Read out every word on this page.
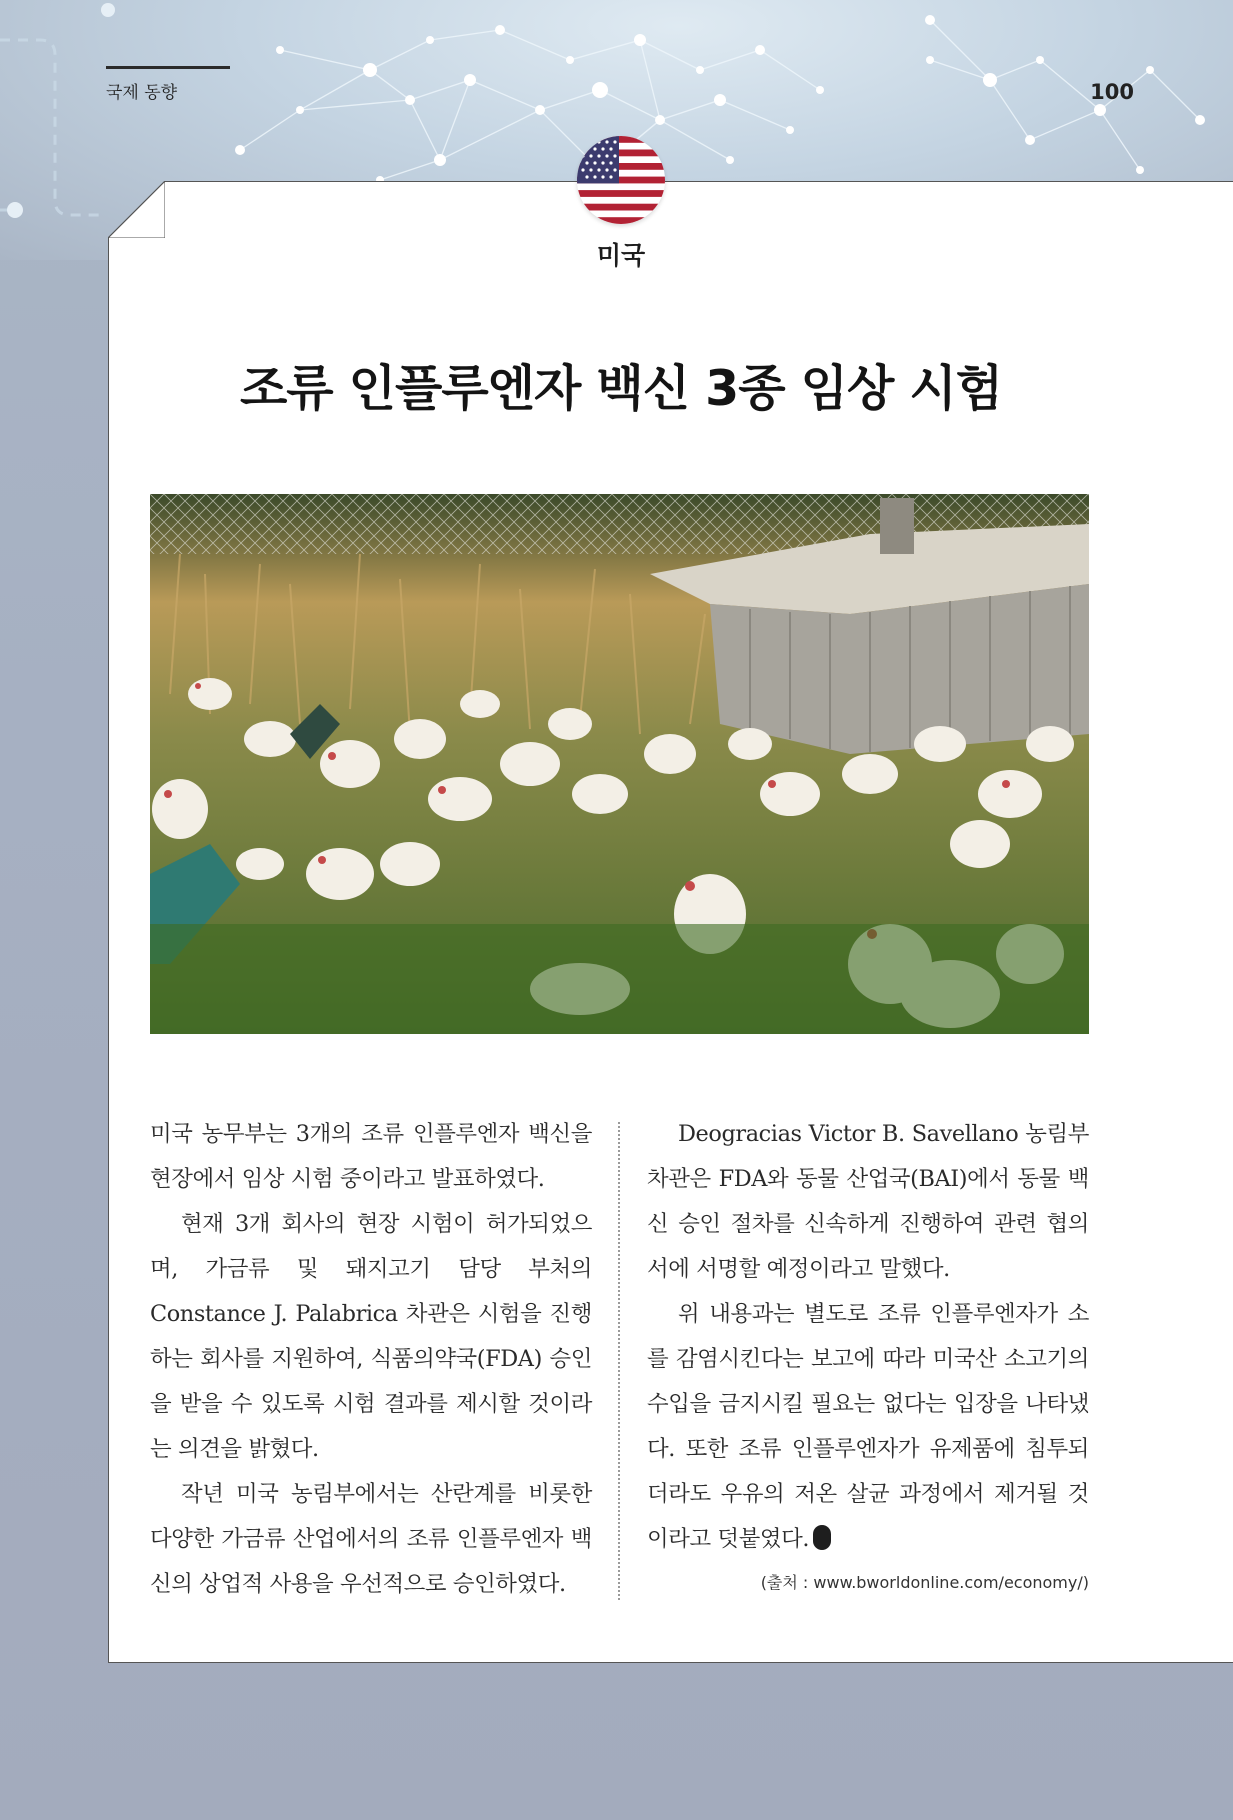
국제 동향	100
미국
조류 인플루엔자 백신 3종 임상 시험

미국 농무부는 3개의 조류 인플루엔자 백신을 현장에서 임상 시험 중이라고 발표하였다.

현재 3개 회사의 현장 시험이 허가되었으며, 가금류 및 돼지고기 담당 부처의 Constance J. Palabrica 차관은 시험을 진행하는 회사를 지원하여, 식품의약국(FDA) 승인을 받을 수 있도록 시험 결과를 제시할 것이라는 의견을 밝혔다.

작년 미국 농림부에서는 산란계를 비롯한 다양한 가금류 산업에서의 조류 인플루엔자 백신의 상업적 사용을 우선적으로 승인하였다.

Deogracias Victor B. Savellano 농림부 차관은 FDA와 동물 산업국(BAI)에서 동물 백신 승인 절차를 신속하게 진행하여 관련 협의서에 서명할 예정이라고 말했다.

위 내용과는 별도로 조류 인플루엔자가 소를 감염시킨다는 보고에 따라 미국산 소고기의 수입을 금지시킬 필요는 없다는 입장을 나타냈다. 또한 조류 인플루엔자가 유제품에 침투되더라도 우유의 저온 살균 과정에서 제거될 것이라고 덧붙였다.

(출처 : www.bworldonline.com/economy/)
